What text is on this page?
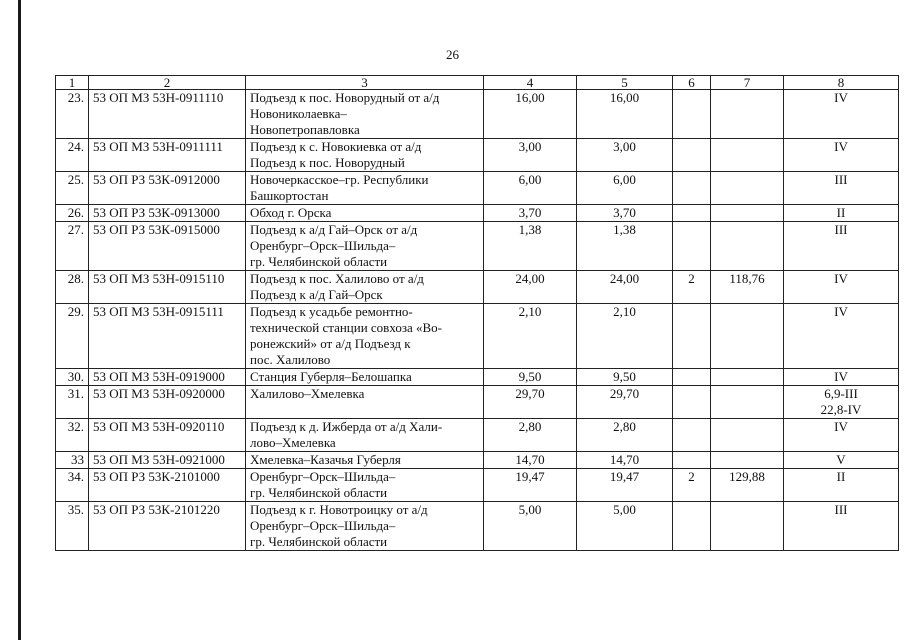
26
1	2	3	4	5	6	7	8
23.	53 ОП МЗ 53Н-0911110	Подъезд к пос. Новорудный от а/д
Новониколаевка–
Новопетропавловка	16,00	16,00			IV

24.	53 ОП МЗ 53Н-0911111	Подъезд к с. Новокиевка от а/д
Подъезд к пос. Новорудный	3,00	3,00			IV

25.	53 ОП РЗ 53К-0912000	Новочеркасское–гр. Республики
Башкортостан	6,00	6,00			III

26.	53 ОП РЗ 53К-0913000	Обход г. Орска	3,70	3,70			II

27.	53 ОП РЗ 53К-0915000	Подъезд к а/д Гай–Орск от а/д
Оренбург–Орск–Шильда–
гр. Челябинской области	1,38	1,38			III

28.	53 ОП МЗ 53Н-0915110	Подъезд к пос. Халилово от а/д
Подъезд к а/д Гай–Орск	24,00	24,00	2	118,76	IV

29.	53 ОП МЗ 53Н-0915111	Подъезд к усадьбе ремонтно-
технической станции совхоза «Во-
ронежский» от а/д Подъезд к
пос. Халилово	2,10	2,10			IV

30.	53 ОП МЗ 53Н-0919000	Станция Губерля–Белошапка	9,50	9,50			IV

31.	53 ОП МЗ 53Н-0920000	Халилово–Хмелевка	29,70	29,70			6,9-III
22,8-IV

32.	53 ОП МЗ 53Н-0920110	Подъезд к д. Ижберда от а/д Хали-
лово–Хмелевка	2,80	2,80			IV

33	53 ОП МЗ 53Н-0921000	Хмелевка–Казачья Губерля	14,70	14,70			V

34.	53 ОП РЗ 53К-2101000	Оренбург–Орск–Шильда–
гр. Челябинской области	19,47	19,47	2	129,88	II

35.	53 ОП РЗ 53К-2101220	Подъезд к г. Новотроицку от а/д
Оренбург–Орск–Шильда–
гр. Челябинской области	5,00	5,00			III
